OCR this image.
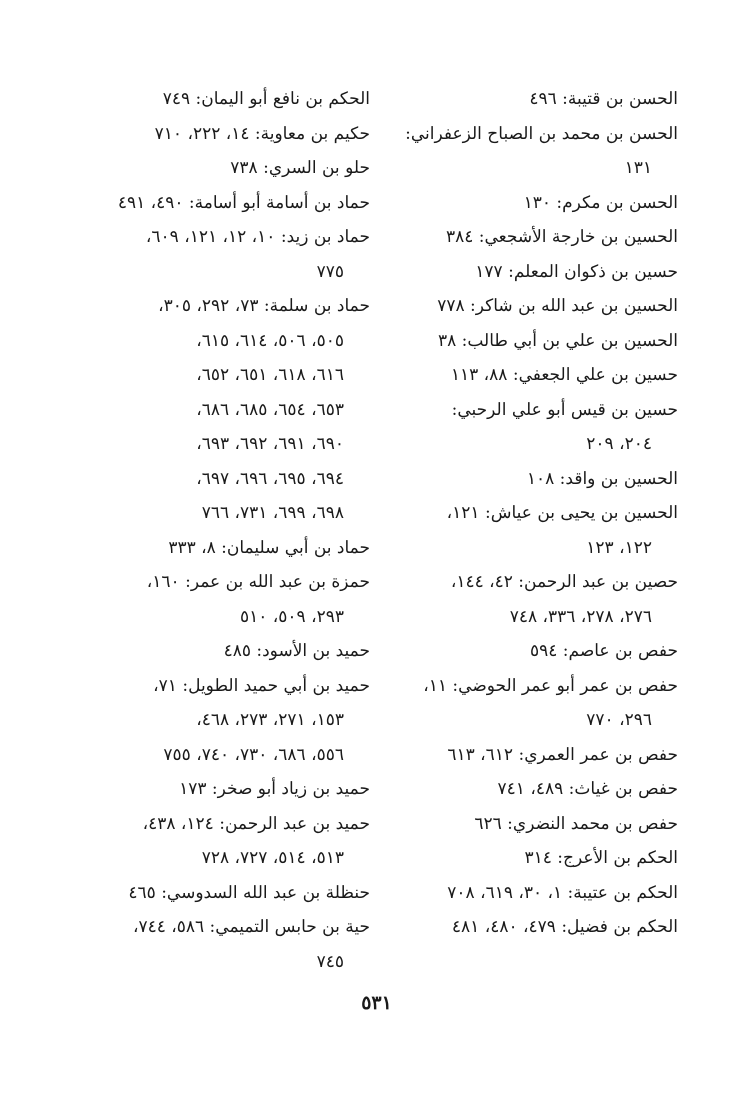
الحسن بن قتيبة: ٤٩٦

الحسن بن محمد بن الصباح الزعفراني:
١٣١

الحسن بن مكرم: ١٣٠

الحسين بن خارجة الأشجعي: ٣٨٤

حسين بن ذكوان المعلم: ١٧٧

الحسين بن عبد الله بن شاكر: ٧٧٨

الحسين بن علي بن أبي طالب: ٣٨

حسين بن علي الجعفي: ٨٨، ١١٣

حسين بن قيس أبو علي الرحبي:
٢٠٤، ٢٠٩

الحسين بن واقد: ١٠٨

الحسين بن يحيى بن عياش: ١٢١،
١٢٢، ١٢٣

حصين بن عبد الرحمن: ٤٢، ١٤٤،
٢٧٦، ٢٧٨، ٣٣٦، ٧٤٨

حفص بن عاصم: ٥٩٤

حفص بن عمر أبو عمر الحوضي: ١١،
٢٩٦، ٧٧٠

حفص بن عمر العمري: ٦١٢، ٦١٣

حفص بن غياث: ٤٨٩، ٧٤١

حفص بن محمد النضري: ٦٢٦

الحكم بن الأعرج: ٣١٤

الحكم بن عتيبة: ١، ٣٠، ٦١٩، ٧٠٨

الحكم بن فضيل: ٤٧٩، ٤٨٠، ٤٨١

الحكم بن نافع أبو اليمان: ٧٤٩

حكيم بن معاوية: ١٤، ٢٢٢، ٧١٠

حلو بن السري: ٧٣٨

حماد بن أسامة أبو أسامة: ٤٩٠، ٤٩١

حماد بن زيد: ١٠، ١٢، ١٢١، ٦٠٩،
٧٧٥

حماد بن سلمة: ٧٣، ٢٩٢، ٣٠٥،
٥٠٥، ٥٠٦، ٦١٤، ٦١٥،
٦١٦، ٦١٨، ٦٥١، ٦٥٢،
٦٥٣، ٦٥٤، ٦٨٥، ٦٨٦،
٦٩٠، ٦٩١، ٦٩٢، ٦٩٣،
٦٩٤، ٦٩٥، ٦٩٦، ٦٩٧،
٦٩٨، ٦٩٩، ٧٣١، ٧٦٦

حماد بن أبي سليمان: ٨، ٣٣٣

حمزة بن عبد الله بن عمر: ١٦٠،
٢٩٣، ٥٠٩، ٥١٠

حميد بن الأسود: ٤٨٥

حميد بن أبي حميد الطويل: ٧١،
١٥٣، ٢٧١، ٢٧٣، ٤٦٨،
٥٥٦، ٦٨٦، ٧٣٠، ٧٤٠، ٧٥٥

حميد بن زياد أبو صخر: ١٧٣

حميد بن عبد الرحمن: ١٢٤، ٤٣٨،
٥١٣، ٥١٤، ٧٢٧، ٧٢٨

حنظلة بن عبد الله السدوسي: ٤٦٥

حية بن حابس التميمي: ٥٨٦، ٧٤٤،
٧٤٥

٥٣١
